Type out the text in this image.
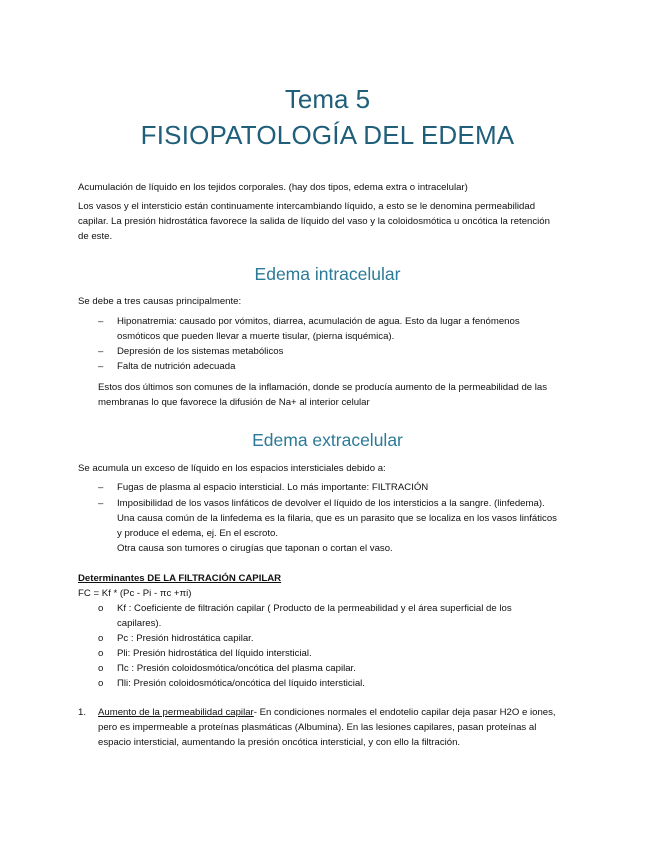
Tema 5
FISIOPATOLOGÍA DEL EDEMA
Acumulación de líquido en los tejidos corporales. (hay dos tipos, edema extra o intracelular)
Los vasos y el intersticio están continuamente intercambiando líquido, a esto se le denomina permeabilidad
capilar. La presión hidrostática favorece la salida de líquido del vaso y la coloidosmótica u oncótica la retención
de este.
Edema intracelular
Se debe a tres causas principalmente:
– Hiponatremia: causado por vómitos, diarrea, acumulación de agua. Esto da lugar a fenómenos
osmóticos que pueden llevar a muerte tisular, (pierna isquémica).
– Depresión de los sistemas metabólicos
– Falta de nutrición adecuada
Estos dos últimos son comunes de la inflamación, donde se producía aumento de la permeabilidad de las
membranas lo que favorece la difusión de Na+ al interior celular
Edema extracelular
Se acumula un exceso de líquido en los espacios intersticiales debido a:
– Fugas de plasma al espacio intersticial. Lo más importante: FILTRACIÓN
– Imposibilidad de los vasos linfáticos de devolver el líquido de los intersticios a la sangre. (linfedema).
Una causa común de la linfedema es la filaria, que es un parasito que se localiza en los vasos linfáticos
y produce el edema, ej. En el escroto.
Otra causa son tumores o cirugías que taponan o cortan el vaso.
Determinantes DE LA FILTRACIÓN CAPILAR
FC = Kf * (Pc - Pi - πc +πi)
o Kf : Coeficiente de filtración capilar ( Producto de la permeabilidad y el área superficial de los
capilares).
o Pc : Presión hidrostática capilar.
o Pli: Presión hidrostática del líquido intersticial.
o Πc : Presión coloidosmótica/oncótica del plasma capilar.
o Πli: Presión coloidosmótica/oncótica del líquido intersticial.
1. Aumento de la permeabilidad capilar- En condiciones normales el endotelio capilar deja pasar H2O e iones,
pero es impermeable a proteínas plasmáticas (Albumina). En las lesiones capilares, pasan proteínas al
espacio intersticial, aumentando la presión oncótica intersticial, y con ello la filtración.
